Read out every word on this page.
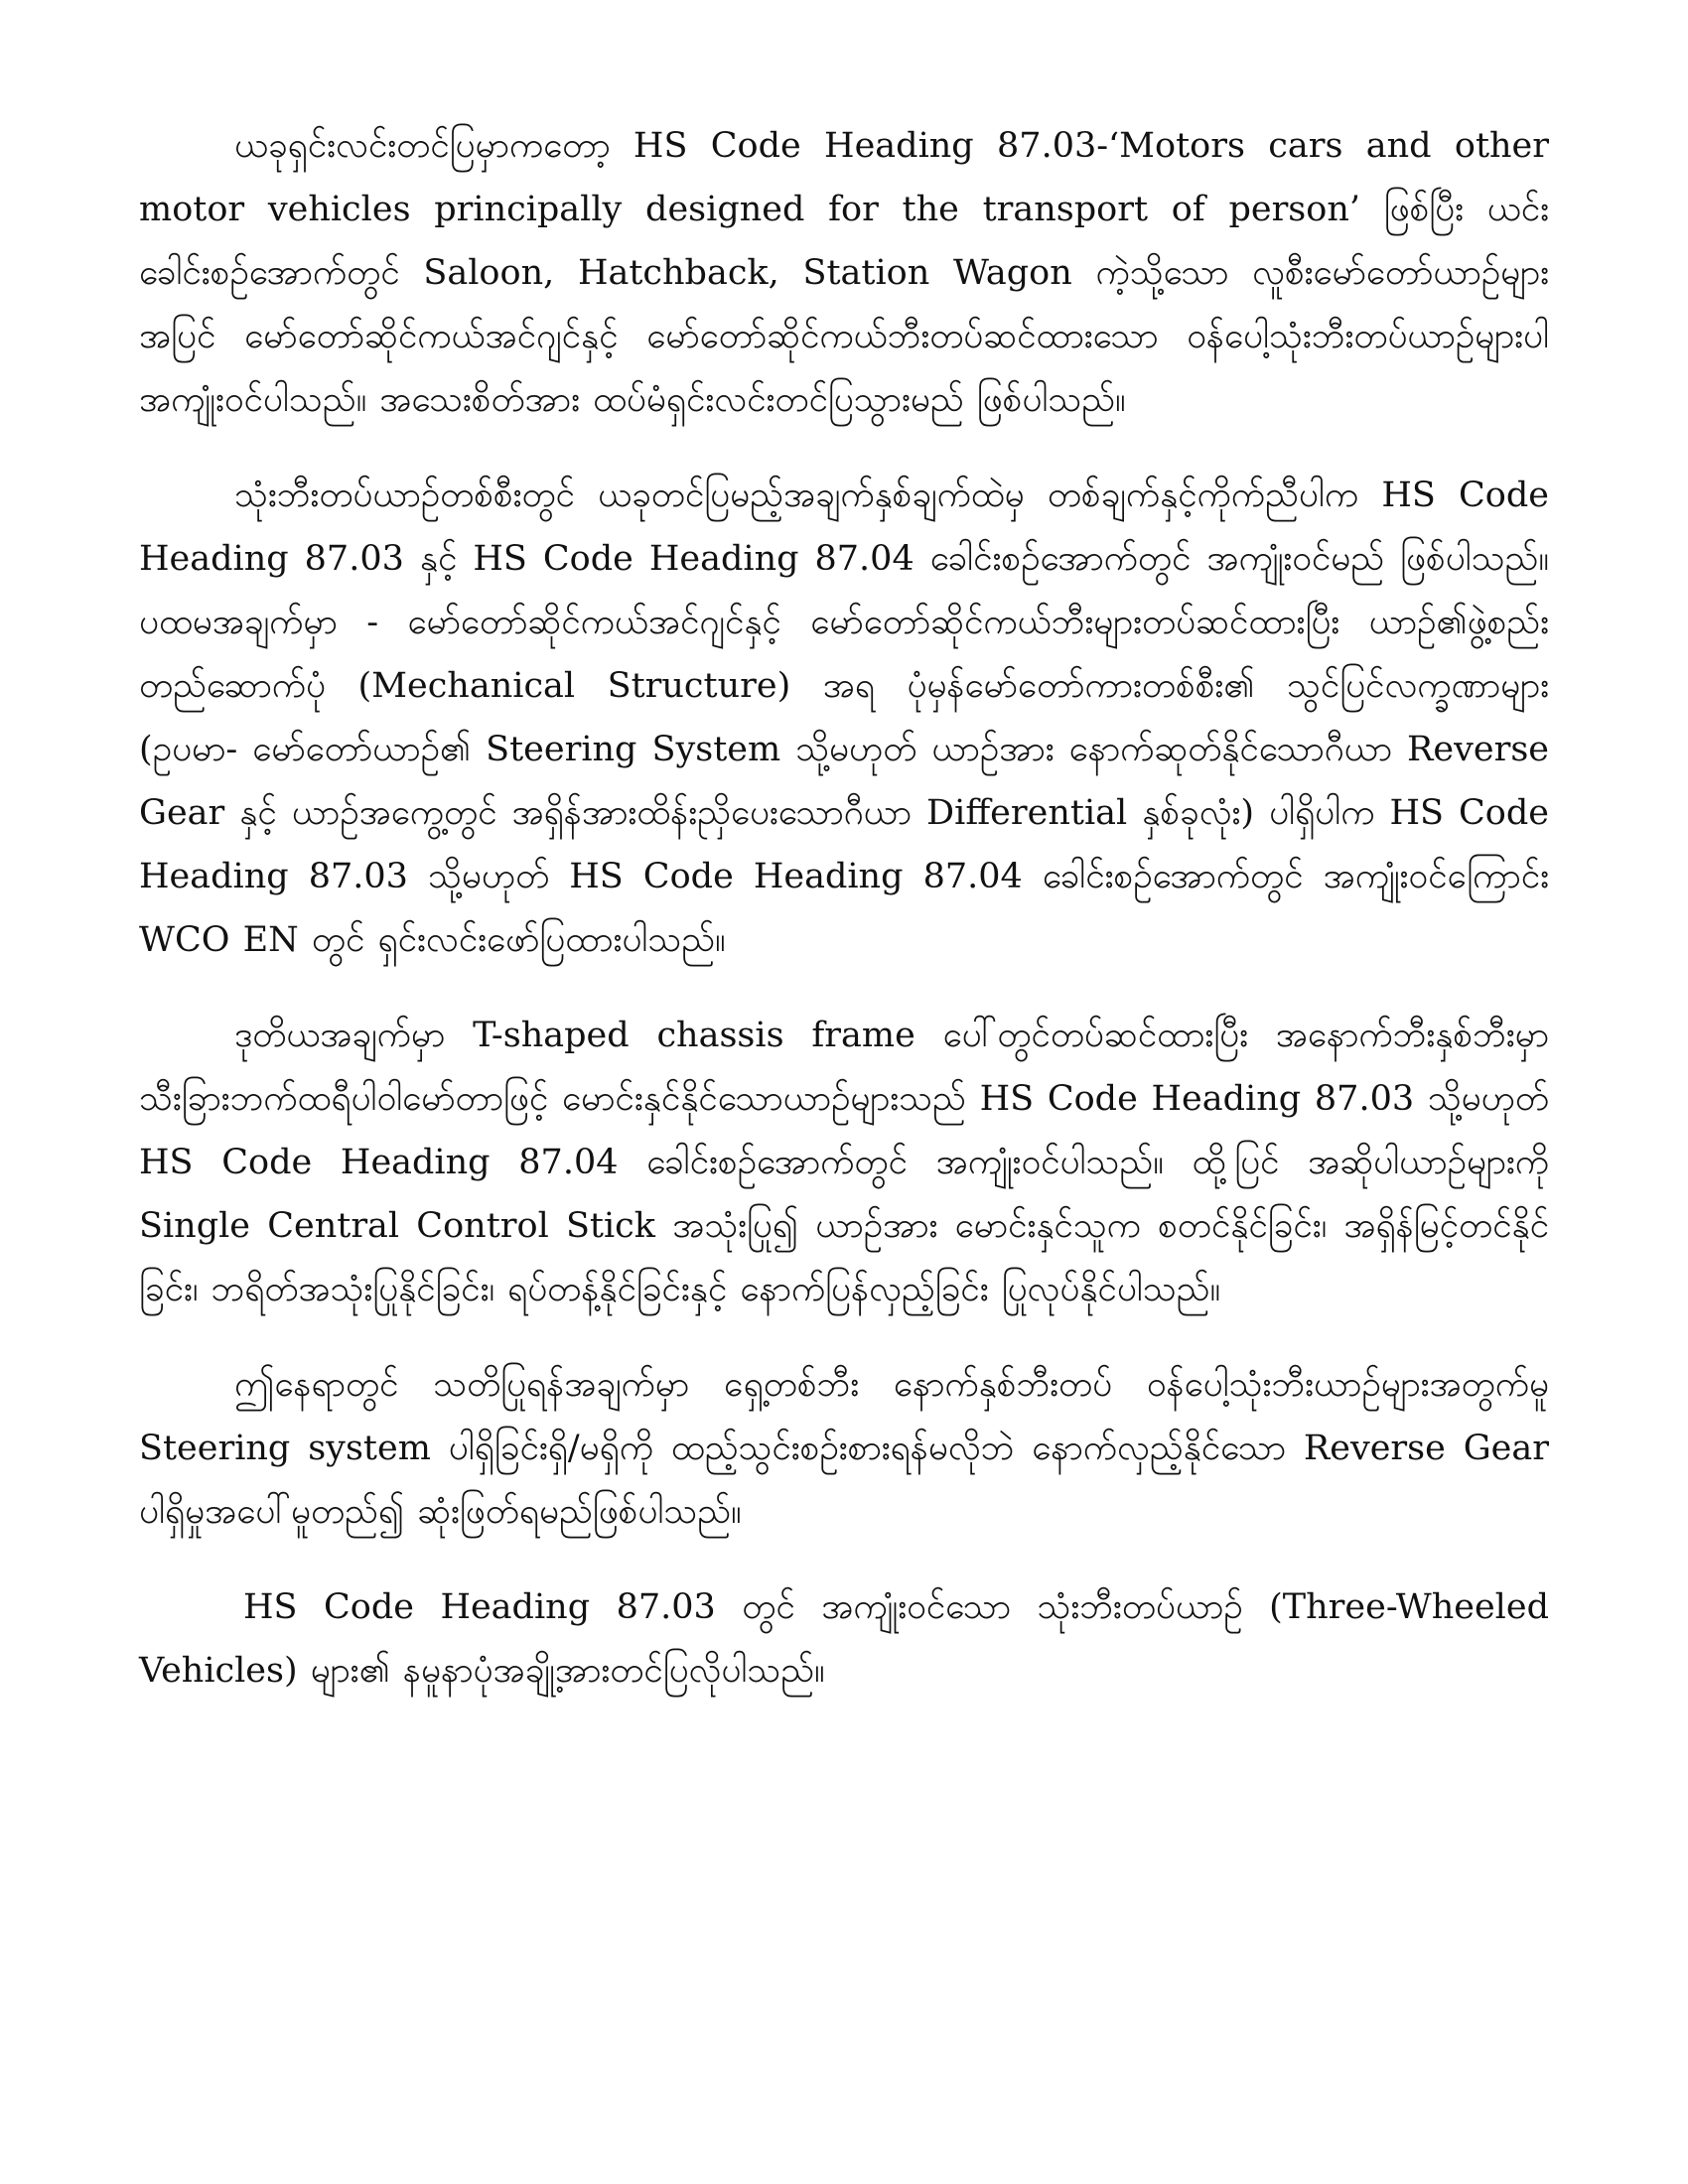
ယခုရှင်းလင်းတင်ပြမှာကတော့ HS Code Heading 87.03-‘Motors cars and other motor vehicles principally designed for the transport of person’ ဖြစ်ပြီး ယင်းခေါင်းစဉ်အောက်တွင် Saloon, Hatchback, Station Wagon ကဲ့သို့သော လူစီးမော်တော်ယာဉ်များအပြင် မော်တော်ဆိုင်ကယ်အင်ဂျင်နှင့် မော်တော်ဆိုင်ကယ်ဘီးတပ်ဆင်ထားသော ဝန်ပေါ့သုံးဘီးတပ်ယာဉ်များပါ အကျုံးဝင်ပါသည်။ အသေးစိတ်အား ထပ်မံရှင်းလင်းတင်ပြသွားမည် ဖြစ်ပါသည်။

သုံးဘီးတပ်ယာဉ်တစ်စီးတွင် ယခုတင်ပြမည့်အချက်နှစ်ချက်ထဲမှ တစ်ချက်နှင့်ကိုက်ညီပါက HS Code Heading 87.03 နှင့် HS Code Heading 87.04 ခေါင်းစဉ်အောက်တွင် အကျုံးဝင်မည် ဖြစ်ပါသည်။ ပထမအချက်မှာ - မော်တော်ဆိုင်ကယ်အင်ဂျင်နှင့် မော်တော်ဆိုင်ကယ်ဘီးများတပ်ဆင်ထားပြီး ယာဉ်၏ဖွဲ့စည်းတည်ဆောက်ပုံ (Mechanical Structure) အရ ပုံမှန်မော်တော်ကားတစ်စီး၏ သွင်ပြင်လက္ခဏာများ (ဥပမာ- မော်တော်ယာဉ်၏ Steering System သို့မဟုတ် ယာဉ်အား နောက်ဆုတ်နိုင်သောဂီယာ Reverse Gear နှင့် ယာဉ်အကွေ့တွင် အရှိန်အားထိန်းညှိပေးသောဂီယာ Differential နှစ်ခုလုံး) ပါရှိပါက HS Code Heading 87.03 သို့မဟုတ် HS Code Heading 87.04 ခေါင်းစဉ်အောက်တွင် အကျုံးဝင်ကြောင်း WCO EN တွင် ရှင်းလင်းဖော်ပြထားပါသည်။

ဒုတိယအချက်မှာ T-shaped chassis frame ပေါ်တွင်တပ်ဆင်ထားပြီး အနောက်ဘီးနှစ်ဘီးမှာ သီးခြားဘက်ထရီပါဝါမော်တာဖြင့် မောင်းနှင်နိုင်သောယာဉ်များသည် HS Code Heading 87.03 သို့မဟုတ် HS Code Heading 87.04 ခေါင်းစဉ်အောက်တွင် အကျုံးဝင်ပါသည်။ ထို့ပြင် အဆိုပါယာဉ်များကို Single Central Control Stick အသုံးပြု၍ ယာဉ်အား မောင်းနှင်သူက စတင်နိုင်ခြင်း၊ အရှိန်မြင့်တင်နိုင်ခြင်း၊ ဘရိတ်အသုံးပြုနိုင်ခြင်း၊ ရပ်တန့်နိုင်ခြင်းနှင့် နောက်ပြန်လှည့်ခြင်း ပြုလုပ်နိုင်ပါသည်။

ဤနေရာတွင် သတိပြုရန်အချက်မှာ ရှေ့တစ်ဘီး နောက်နှစ်ဘီးတပ် ဝန်ပေါ့သုံးဘီးယာဉ်များအတွက်မူ Steering system ပါရှိခြင်းရှိ/မရှိကို ထည့်သွင်းစဉ်းစားရန်မလိုဘဲ နောက်လှည့်နိုင်သော Reverse Gear ပါရှိမှုအပေါ်မူတည်၍ ဆုံးဖြတ်ရမည်ဖြစ်ပါသည်။

HS Code Heading 87.03 တွင် အကျုံးဝင်သော သုံးဘီးတပ်ယာဉ် (Three-Wheeled Vehicles) များ၏ နမူနာပုံအချို့အားတင်ပြလိုပါသည်။
